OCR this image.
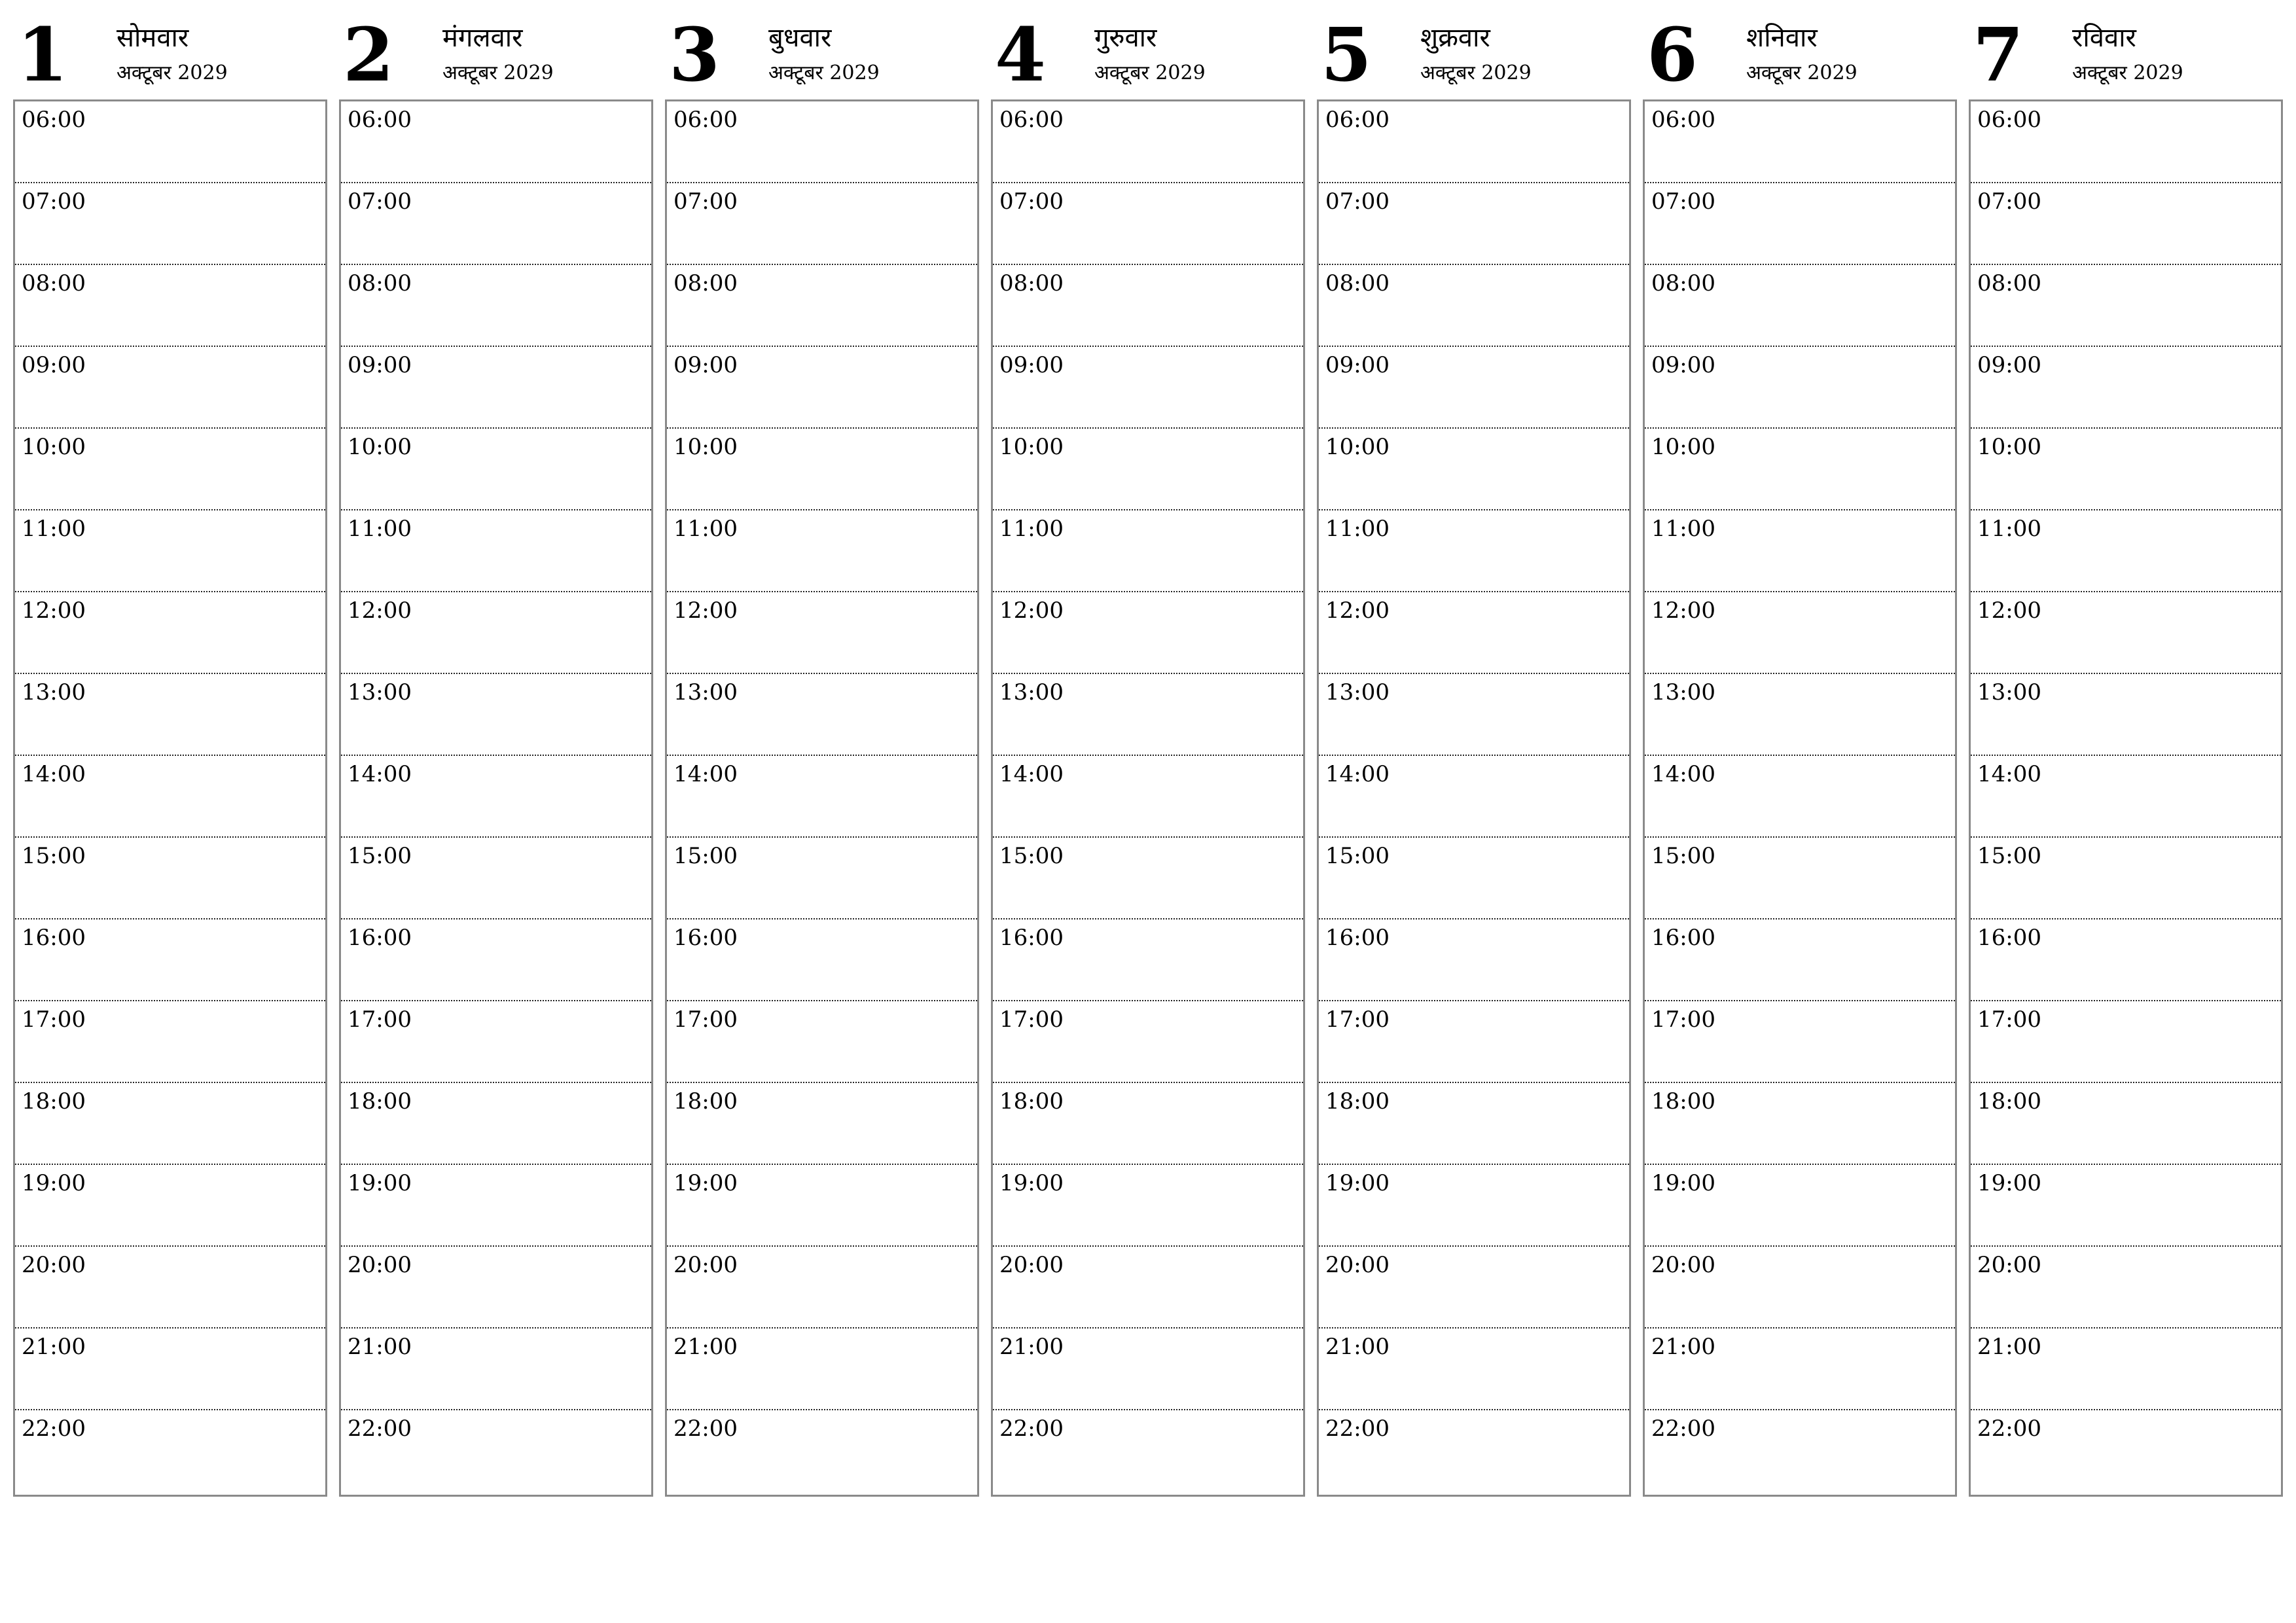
1 सोमवार
अक्टूबर 2029
06:00
07:00
08:00
09:00
10:00
11:00
12:00
13:00
14:00
15:00
16:00
17:00
18:00
19:00
20:00
21:00
22:00
2 मंगलवार
अक्टूबर 2029
06:00
07:00
08:00
09:00
10:00
11:00
12:00
13:00
14:00
15:00
16:00
17:00
18:00
19:00
20:00
21:00
22:00
3 बुधवार
अक्टूबर 2029
06:00
07:00
08:00
09:00
10:00
11:00
12:00
13:00
14:00
15:00
16:00
17:00
18:00
19:00
20:00
21:00
22:00
4 गुरुवार
अक्टूबर 2029
06:00
07:00
08:00
09:00
10:00
11:00
12:00
13:00
14:00
15:00
16:00
17:00
18:00
19:00
20:00
21:00
22:00
5 शुक्रवार
अक्टूबर 2029
06:00
07:00
08:00
09:00
10:00
11:00
12:00
13:00
14:00
15:00
16:00
17:00
18:00
19:00
20:00
21:00
22:00
6 शनिवार
अक्टूबर 2029
06:00
07:00
08:00
09:00
10:00
11:00
12:00
13:00
14:00
15:00
16:00
17:00
18:00
19:00
20:00
21:00
22:00
7 रविवार
अक्टूबर 2029
06:00
07:00
08:00
09:00
10:00
11:00
12:00
13:00
14:00
15:00
16:00
17:00
18:00
19:00
20:00
21:00
22:00
